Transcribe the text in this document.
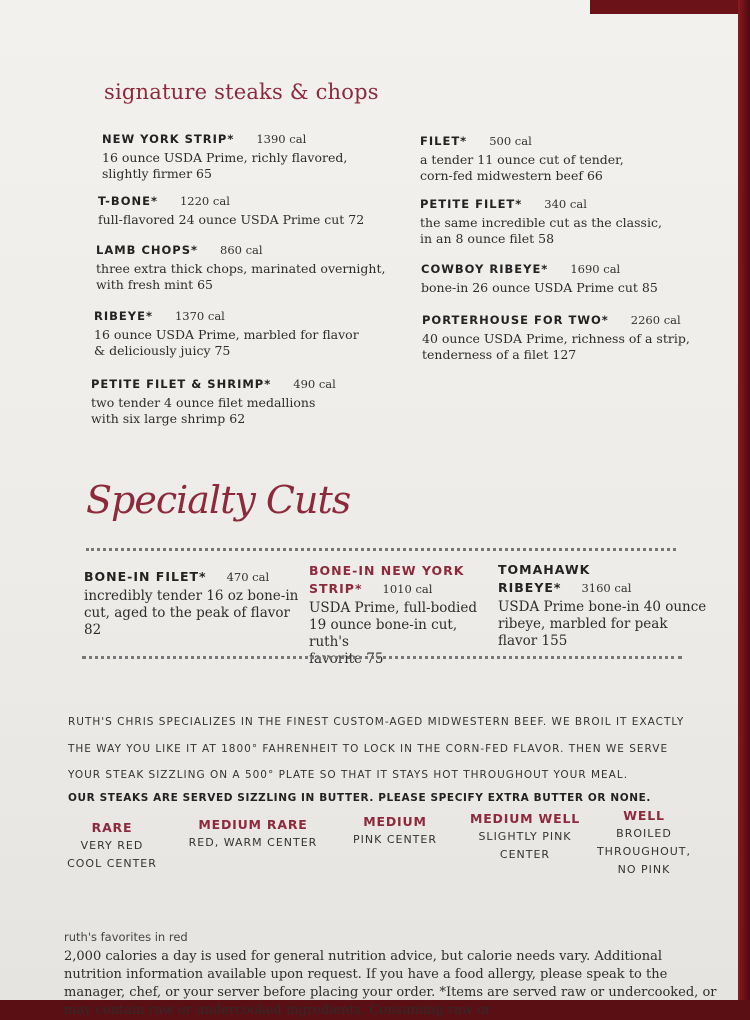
signature steaks & chops
NEW YORK STRIP* 1390 cal
16 ounce USDA Prime, richly flavored,
slightly firmer 65
T-BONE* 1220 cal
full-flavored 24 ounce USDA Prime cut 72
LAMB CHOPS* 860 cal
three extra thick chops, marinated overnight,
with fresh mint 65
RIBEYE* 1370 cal
16 ounce USDA Prime, marbled for flavor
& deliciously juicy 75
PETITE FILET & SHRIMP* 490 cal
two tender 4 ounce filet medallions
with six large shrimp 62
FILET* 500 cal
a tender 11 ounce cut of tender,
corn-fed midwestern beef 66
PETITE FILET* 340 cal
the same incredible cut as the classic,
in an 8 ounce filet 58
COWBOY RIBEYE* 1690 cal
bone-in 26 ounce USDA Prime cut 85
PORTERHOUSE FOR TWO* 2260 cal
40 ounce USDA Prime, richness of a strip,
tenderness of a filet 127
Specialty Cuts
BONE-IN FILET* 470 cal
incredibly tender 16 oz bone-in
cut, aged to the peak of flavor 82
BONE-IN NEW YORK
STRIP* 1010 cal
USDA Prime, full-bodied
19 ounce bone-in cut, ruth's
favorite 75
TOMAHAWK
RIBEYE* 3160 cal
USDA Prime bone-in 40 ounce
ribeye, marbled for peak flavor 155
RUTH'S CHRIS SPECIALIZES IN THE FINEST CUSTOM-AGED MIDWESTERN BEEF. WE BROIL IT EXACTLY
THE WAY YOU LIKE IT AT 1800° FAHRENHEIT TO LOCK IN THE CORN-FED FLAVOR. THEN WE SERVE
YOUR STEAK SIZZLING ON A 500° PLATE SO THAT IT STAYS HOT THROUGHOUT YOUR MEAL.
OUR STEAKS ARE SERVED SIZZLING IN BUTTER. PLEASE SPECIFY EXTRA BUTTER OR NONE.
RARE
VERY RED
COOL CENTER
MEDIUM RARE
RED, WARM CENTER
MEDIUM
PINK CENTER
MEDIUM WELL
SLIGHTLY PINK
CENTER
WELL
BROILED
THROUGHOUT,
NO PINK
ruth's favorites in red
2,000 calories a day is used for general nutrition advice, but calorie needs vary. Additional nutrition information available upon request. If you have a food allergy, please speak to the manager, chef, or your server before placing your order. *Items are served raw or undercooked, or may contain raw or undercooked ingredients. Consuming raw or
